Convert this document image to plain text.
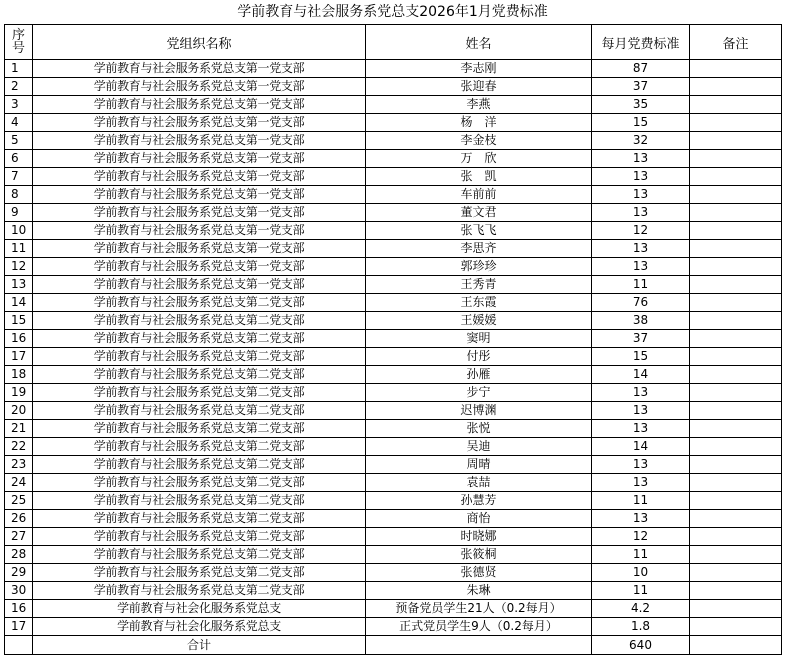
学前教育与社会服务系党总支2026年1月党费标准
序
号	党组织名称	姓名	每月党费标准	备注
1	学前教育与社会服务系党总支第一党支部	李志刚	87	
2	学前教育与社会服务系党总支第一党支部	张迎春	37	
3	学前教育与社会服务系党总支第一党支部	李燕	35	
4	学前教育与社会服务系党总支第一党支部	杨　洋	15	
5	学前教育与社会服务系党总支第一党支部	李金枝	32	
6	学前教育与社会服务系党总支第一党支部	万　欣	13	
7	学前教育与社会服务系党总支第一党支部	张　凯	13	
8	学前教育与社会服务系党总支第一党支部	车前前	13	
9	学前教育与社会服务系党总支第一党支部	董文君	13	
10	学前教育与社会服务系党总支第一党支部	张飞飞	12	
11	学前教育与社会服务系党总支第一党支部	李思齐	13	
12	学前教育与社会服务系党总支第一党支部	郭珍珍	13	
13	学前教育与社会服务系党总支第一党支部	王秀青	11	
14	学前教育与社会服务系党总支第二党支部	王东霞	76	
15	学前教育与社会服务系党总支第二党支部	王媛媛	38	
16	学前教育与社会服务系党总支第二党支部	窦明	37	
17	学前教育与社会服务系党总支第二党支部	付彤	15	
18	学前教育与社会服务系党总支第二党支部	孙雁	14	
19	学前教育与社会服务系党总支第二党支部	步宁	13	
20	学前教育与社会服务系党总支第二党支部	迟博渊	13	
21	学前教育与社会服务系党总支第二党支部	张悦	13	
22	学前教育与社会服务系党总支第二党支部	吴迪	14	
23	学前教育与社会服务系党总支第二党支部	周晴	13	
24	学前教育与社会服务系党总支第二党支部	袁喆	13	
25	学前教育与社会服务系党总支第二党支部	孙慧芳	11	
26	学前教育与社会服务系党总支第二党支部	商怡	13	
27	学前教育与社会服务系党总支第二党支部	时晓娜	12	
28	学前教育与社会服务系党总支第二党支部	张筱桐	11	
29	学前教育与社会服务系党总支第二党支部	张德贤	10	
30	学前教育与社会服务系党总支第二党支部	朱琳	11	
16	学前教育与社会化服务系党总支	预备党员学生21人（0.2每月）	4.2	
17	学前教育与社会化服务系党总支	正式党员学生9人（0.2每月）	1.8	
	合计		640	
